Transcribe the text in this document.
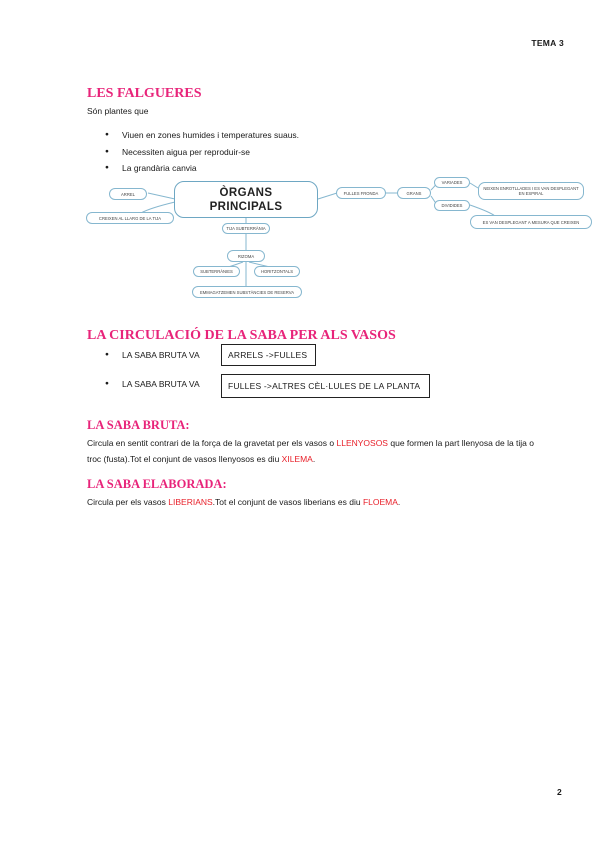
TEMA 3
LES FALGUERES
Són plantes que
● Viuen en zones humides i temperatures suaus.
● Necessiten aigua per reproduir-se
● La grandària canvia
ÒRGANS
PRINCIPALS
ARREL
CREIXEN AL LLARG DE LA TIJA
TIJA SUBTERRÀNIA
RIZOMA
SUBTERRÀNIES	HORITZONTALS
EMMAGATZEMEN SUBSTÀNCIES DE RESERVA
FULLES FRONDA	GRANS
VARIADES
DIVIDIDES
NEIXEN ENROTLLADES I ES VAN DESPLEGANT EN ESPIRAL
ES VAN DESPLEGANT A MESURA QUE CREIXEN
LA CIRCULACIÓ DE LA SABA PER ALS VASOS
● LA SABA BRUTA VA
● LA SABA BRUTA VA
ARRELS ->FULLES
FULLES ->ALTRES CÈL·LULES DE LA PLANTA
LA SABA BRUTA:
Circula en sentit contrari de la força de la gravetat per els vasos o LLENYOSOS que formen la part llenyosa de la tija o troc (fusta).Tot el conjunt de vasos llenyosos es diu XILEMA.
LA SABA ELABORADA:
Circula per els vasos LIBERIANS.Tot el conjunt de vasos liberians es diu FLOEMA.
2
